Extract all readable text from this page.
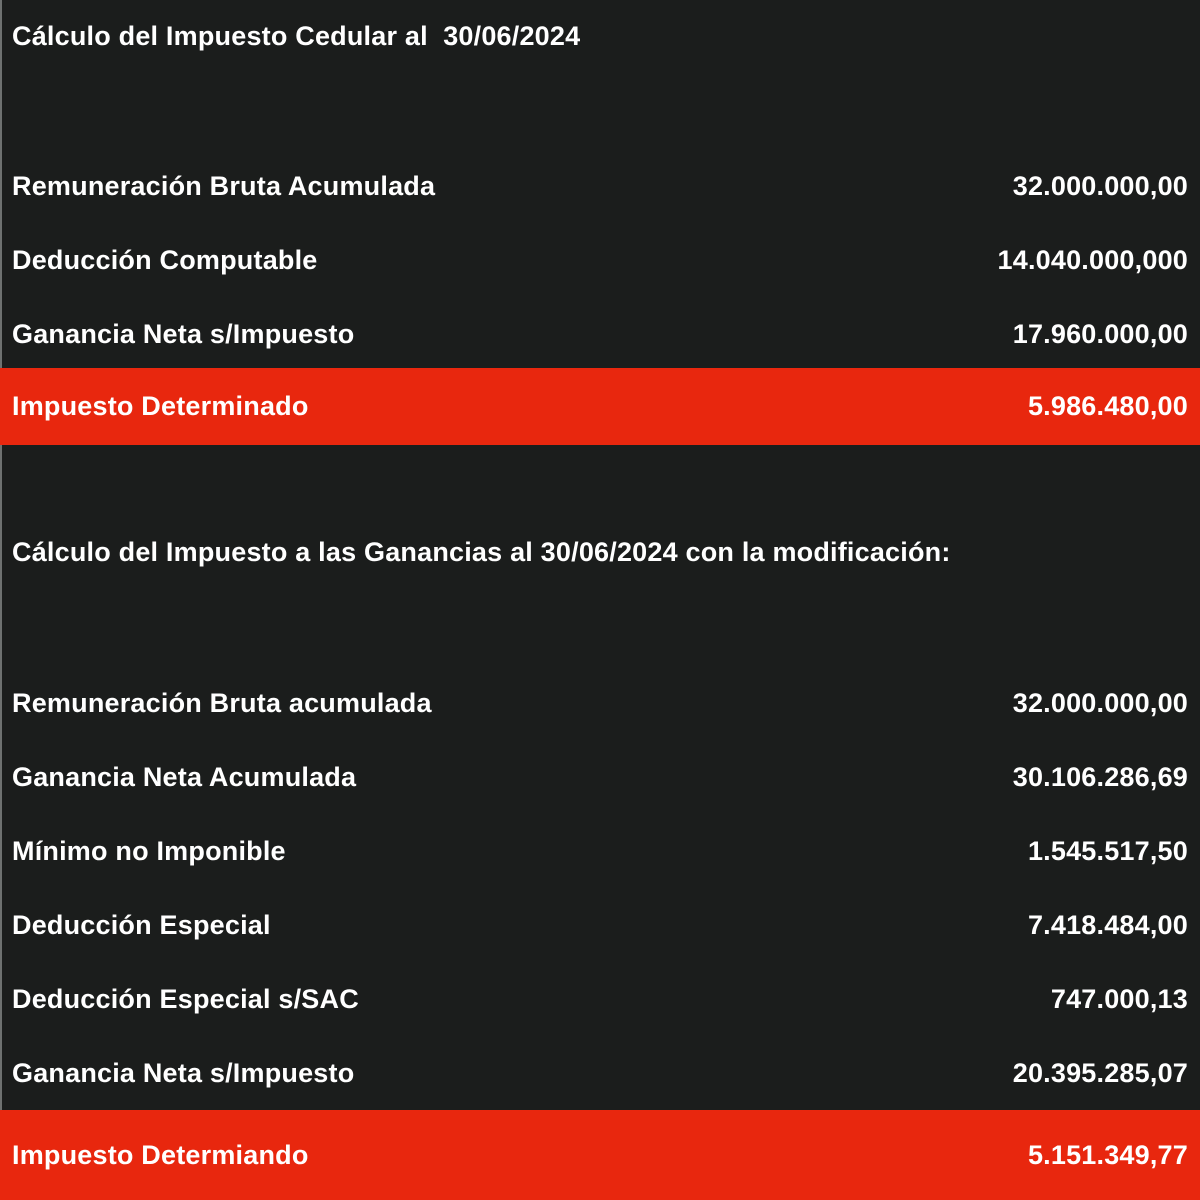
Cálculo del Impuesto Cedular al  30/06/2024
Remuneración Bruta Acumulada	32.000.000,00
Deducción Computable	14.040.000,000
Ganancia Neta s/Impuesto	17.960.000,00
Impuesto Determinado	5.986.480,00
Cálculo del Impuesto a las Ganancias al 30/06/2024 con la modificación:
Remuneración Bruta acumulada	32.000.000,00
Ganancia Neta Acumulada	30.106.286,69
Mínimo no Imponible	1.545.517,50
Deducción Especial	7.418.484,00
Deducción Especial s/SAC	747.000,13
Ganancia Neta s/Impuesto	20.395.285,07
Impuesto Determiando	5.151.349,77
